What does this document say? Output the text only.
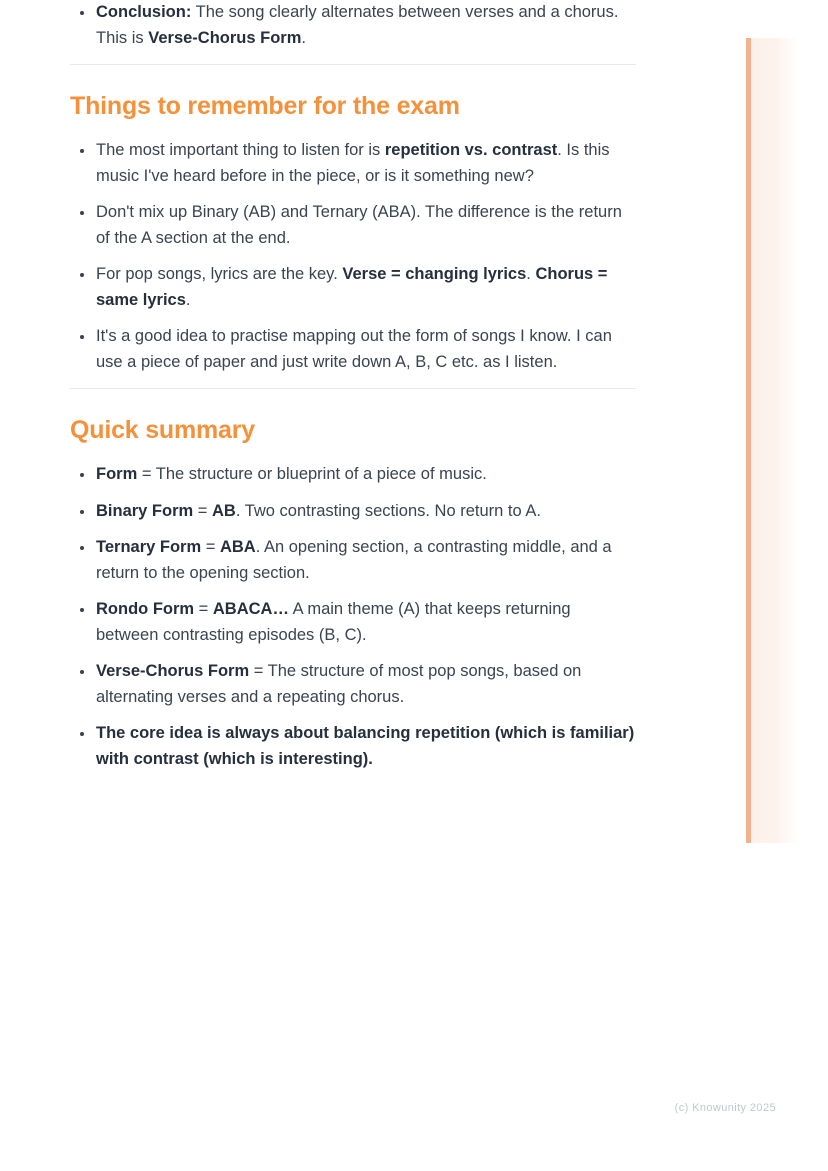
• Conclusion: The song clearly alternates between verses and a chorus. This is Verse-Chorus Form.
Things to remember for the exam
• The most important thing to listen for is repetition vs. contrast. Is this music I've heard before in the piece, or is it something new?
• Don't mix up Binary (AB) and Ternary (ABA). The difference is the return of the A section at the end.
• For pop songs, lyrics are the key. Verse = changing lyrics. Chorus = same lyrics.
• It's a good idea to practise mapping out the form of songs I know. I can use a piece of paper and just write down A, B, C etc. as I listen.
Quick summary
• Form = The structure or blueprint of a piece of music.
• Binary Form = AB. Two contrasting sections. No return to A.
• Ternary Form = ABA. An opening section, a contrasting middle, and a return to the opening section.
• Rondo Form = ABACA… A main theme (A) that keeps returning between contrasting episodes (B, C).
• Verse-Chorus Form = The structure of most pop songs, based on alternating verses and a repeating chorus.
• The core idea is always about balancing repetition (which is familiar) with contrast (which is interesting).
(c) Knowunity 2025
